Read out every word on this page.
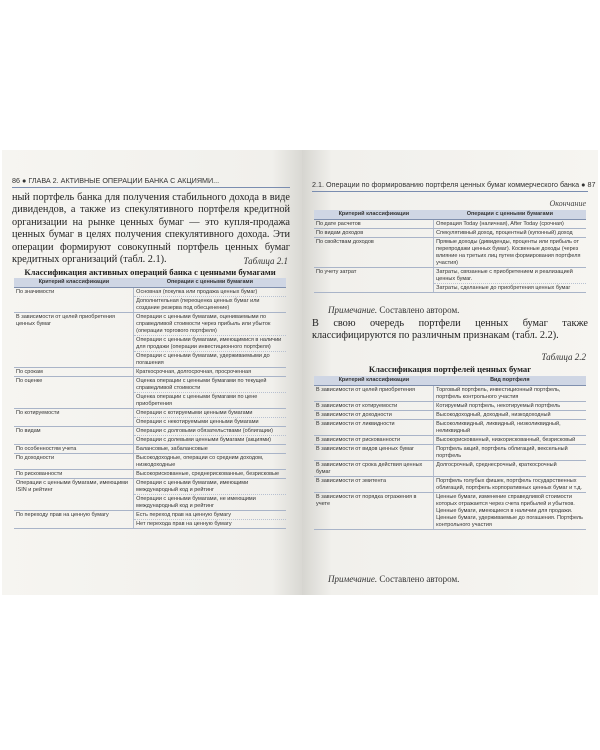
86 ● ГЛАВА 2. АКТИВНЫЕ ОПЕРАЦИИ БАНКА С АКЦИЯМИ...
ный портфель банка для получения стабильного дохода в виде дивидендов, а также из спекулятивного портфеля кредитной организации на рынке ценных бумаг — это купля-продажа ценных бумаг в целях получения спекулятивного дохода. Эти операции формируют совокупный портфель ценных бумаг кредитных организаций (табл. 2.1).	Таблица 2.1
Классификация активных операций банка с ценными бумагами
Критерий классификации	Операции с ценными бумагами
По значимости	Основная (покупка или продажа ценных бумаг)
	Дополнительная (переоценка ценных бумаг или создание резерва под обесценение)
В зависимости от целей приобретения ценных бумаг	Операции с ценными бумагами, оцениваемыми по справедливой стоимости через прибыль или убыток (операции торгового портфеля)
	Операции с ценными бумагами, имеющимися в наличии для продажи (операции инвестиционного портфеля)
	Операции с ценными бумагами, удерживаемыми до погашения
По срокам	Краткосрочная, долгосрочная, просроченная
По оценке	Оценка операции с ценными бумагами по текущей справедливой стоимости
	Оценка операции с ценными бумагами по цене приобретения
По котируемости	Операции с котируемыми ценными бумагами
	Операции с некотируемыми ценными бумагами
По видам	Операции с долговыми обязательствами (облигации)
	Операции с долевыми ценными бумагами (акциями)
По особенностям учета	Балансовые, забалансовые
По доходности	Высокодоходные, операции со средним доходом, низкодоходные
По рискованности	Высокорискованные, среднерискованные, безрисковые
Операции с ценными бумагами, имеющими ISIN и рейтинг	Операции с ценными бумагами, имеющими международный код и рейтинг
	Операции с ценными бумагами, не имеющими международный код и рейтинг
По переходу прав на ценную бумагу	Есть переход прав на ценную бумагу
	Нет перехода прав на ценную бумагу
2.1. Операции по формированию портфеля ценных бумаг коммерческого банка ● 87
Окончание
Критерий классификации	Операции с ценными бумагами
По дате расчетов	Операция Today (наличная), After Today (срочная)
По видам доходов	Спекулятивный доход, процентный (купонный) доход
По свойствам доходов	Прямые доходы (дивиденды, проценты или прибыль от перепродажи ценных бумаг). Косвенные доходы (через влияние на третьих лиц путем формирования портфеля участия)
По учету затрат	Затраты, связанные с приобретением и реализацией ценных бумаг.
	Затраты, сделанные до приобретения ценных бумаг
Примечание. Составлено автором.
В свою очередь портфели ценных бумаг также классифицируются по различным признакам (табл. 2.2).
Таблица 2.2
Классификация портфелей ценных бумаг
Критерий классификации	Вид портфеля
В зависимости от целей приобретения	Торговый портфель, инвестиционный портфель, портфель контрольного участия
В зависимости от котируемости	Котируемый портфель, некотируемый портфель
В зависимости от доходности	Высокодоходный, доходный, низкодоходный
В зависимости от ликвидности	Высоколиквидный, ликвидный, низколиквидный, неликвидный
В зависимости от рискованности	Высокорискованный, низкорискованный, безрисковый
В зависимости от видов ценных бумаг	Портфель акций, портфель облигаций, вексельный портфель
В зависимости от срока действия ценных бумаг	Долгосрочный, среднесрочный, краткосрочный
В зависимости от эмитента	Портфель голубых фишек, портфель государственных облигаций, портфель корпоративных ценных бумаг и т.д.
В зависимости от порядка отражения в учете	Ценные бумаги, изменение справедливой стоимости которых отражается через счета прибылей и убытков. Ценные бумаги, имеющиеся в наличии для продажи. Ценные бумаги, удерживаемые до погашения. Портфель контрольного участия
Примечание. Составлено автором.
